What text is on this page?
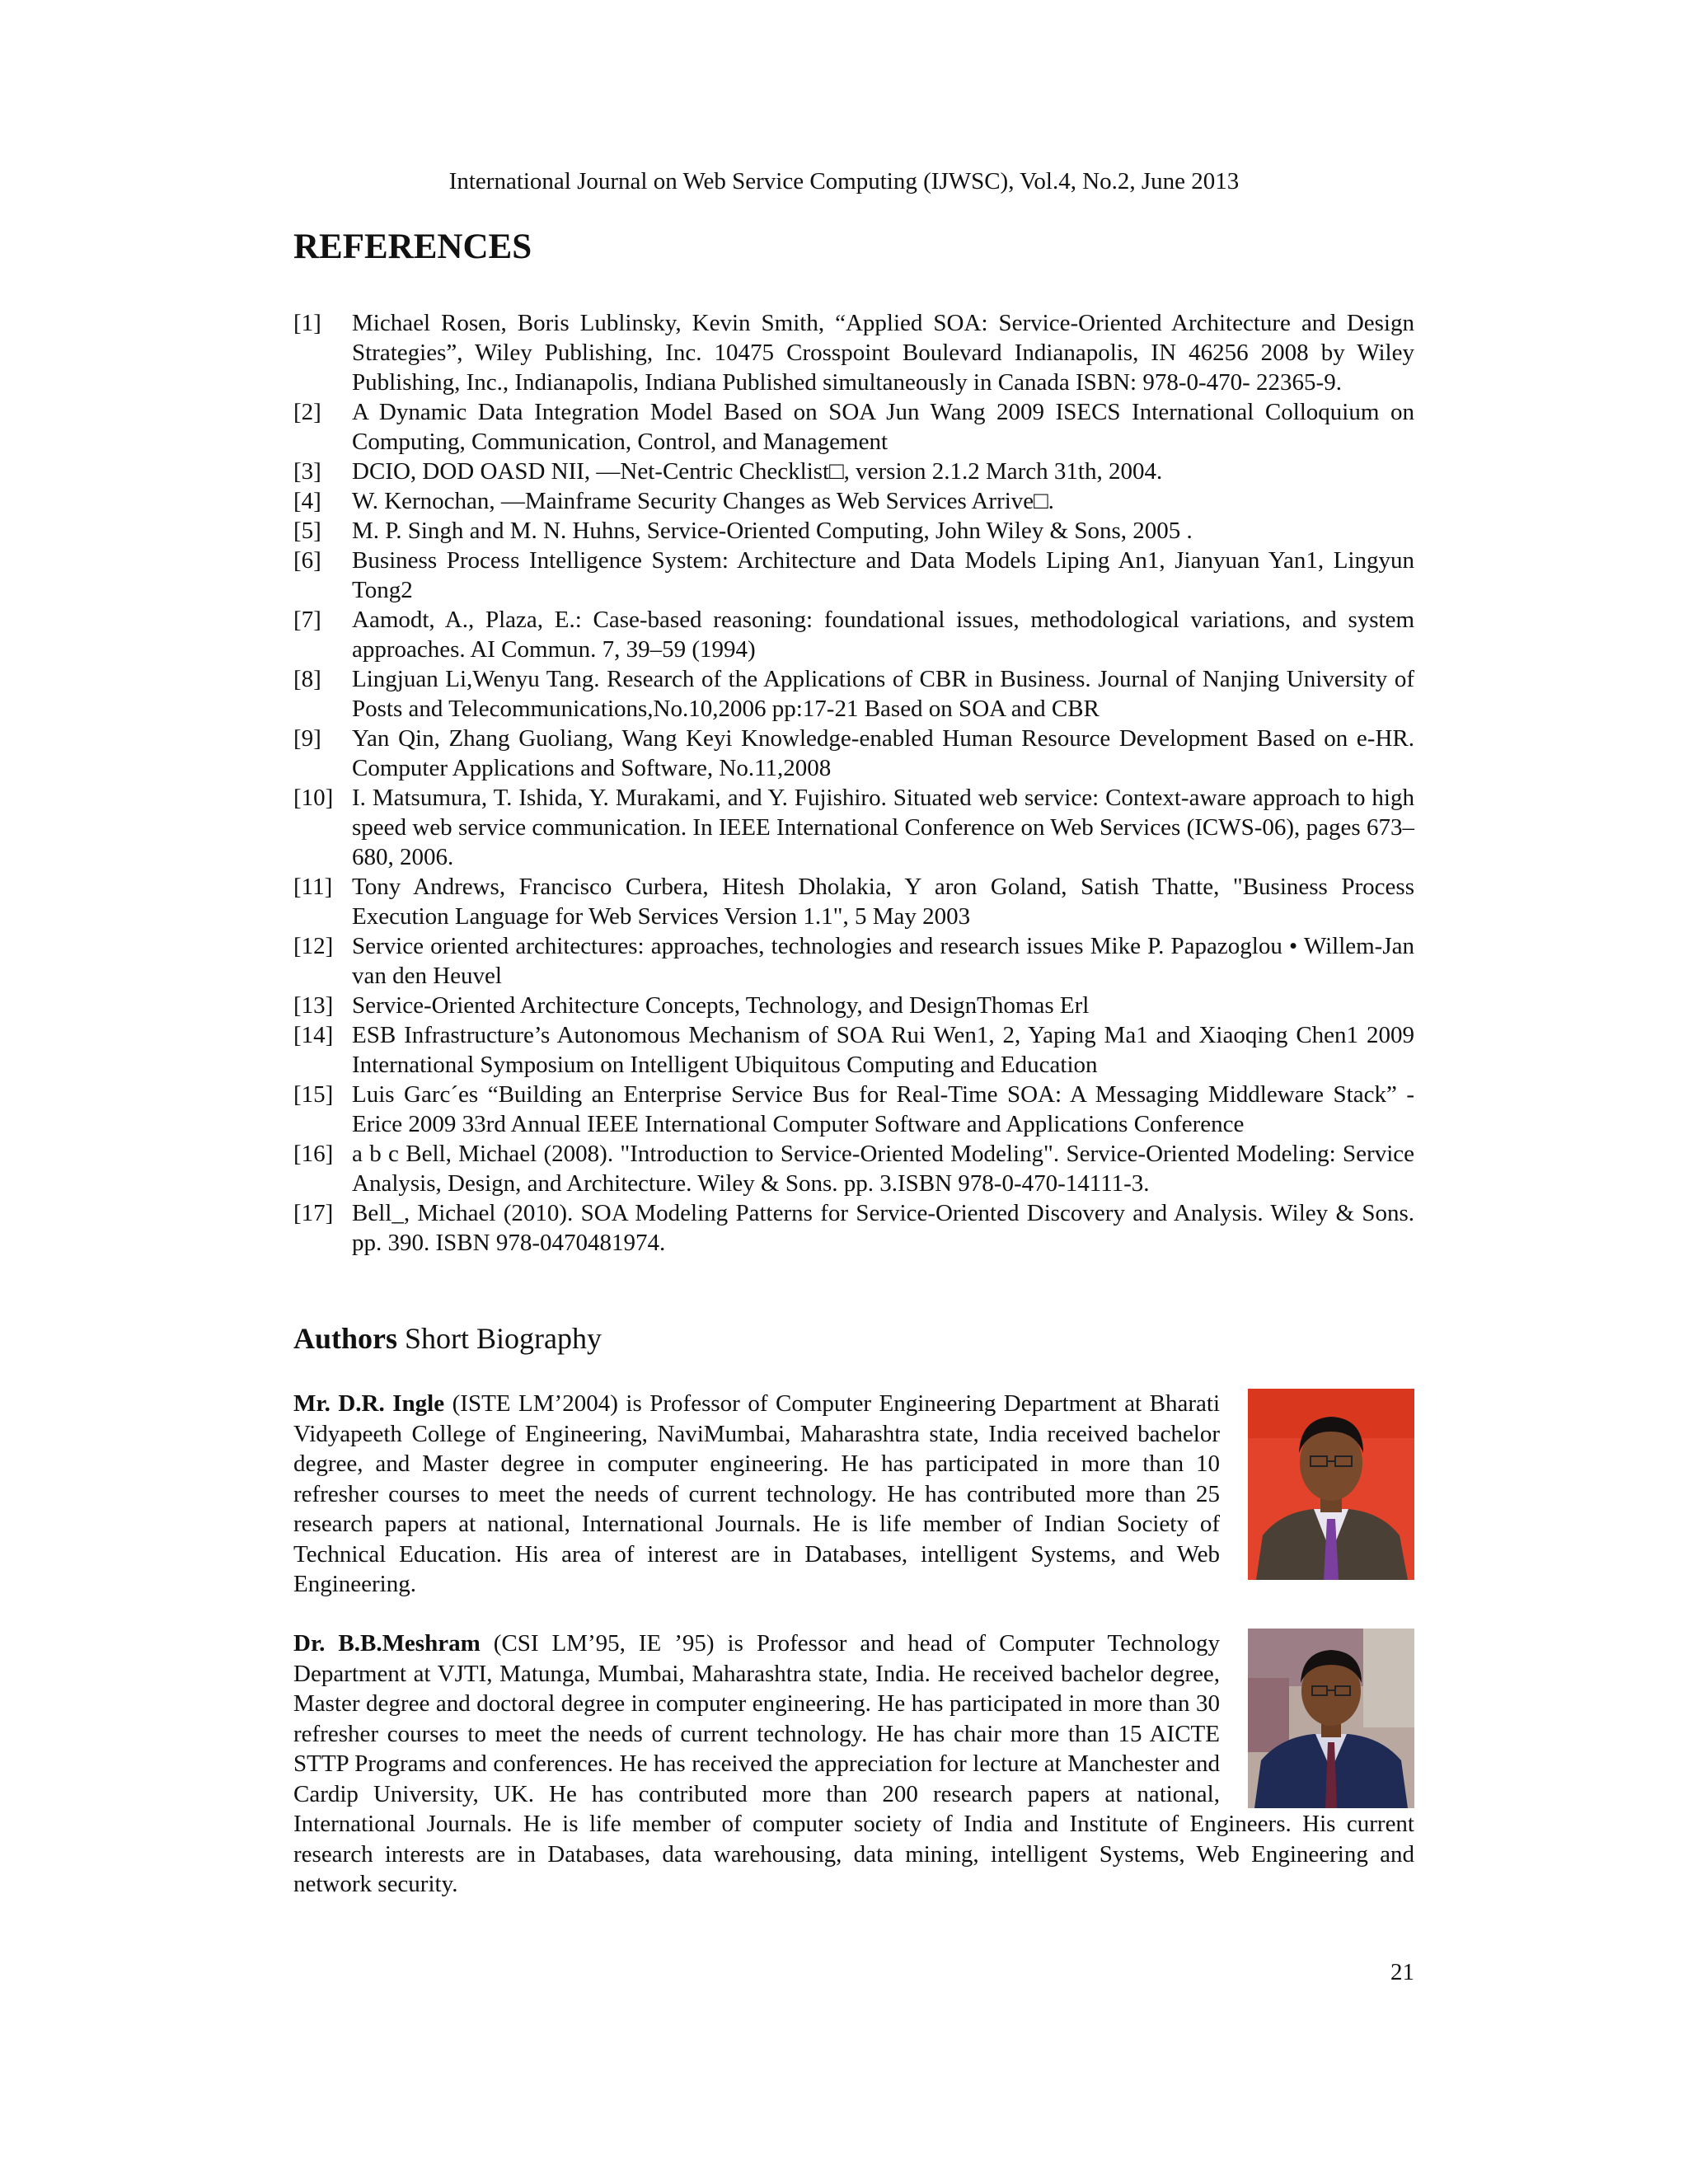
International Journal on Web Service Computing (IJWSC), Vol.4, No.2, June 2013
REFERENCES
[1] Michael Rosen, Boris Lublinsky, Kevin Smith, “Applied SOA: Service-Oriented Architecture and Design Strategies”, Wiley Publishing, Inc. 10475 Crosspoint Boulevard Indianapolis, IN 46256 2008 by Wiley Publishing, Inc., Indianapolis, Indiana Published simultaneously in Canada ISBN: 978-0-470- 22365-9.
[2] A Dynamic Data Integration Model Based on SOA Jun Wang 2009 ISECS International Colloquium on Computing, Communication, Control, and Management
[3] DCIO, DOD OASD NII, ―Net-Centric Checklist□, version 2.1.2 March 31th, 2004.
[4] W. Kernochan, ―Mainframe Security Changes as Web Services Arrive□.
[5] M. P. Singh and M. N. Huhns, Service-Oriented Computing, John Wiley & Sons, 2005 .
[6] Business Process Intelligence System: Architecture and Data Models Liping An1, Jianyuan Yan1, Lingyun Tong2
[7] Aamodt, A., Plaza, E.: Case-based reasoning: foundational issues, methodological variations, and system approaches. AI Commun. 7, 39–59 (1994)
[8] Lingjuan Li,Wenyu Tang. Research of the Applications of CBR in Business. Journal of Nanjing University of Posts and Telecommunications,No.10,2006 pp:17-21 Based on SOA and CBR
[9] Yan Qin, Zhang Guoliang, Wang Keyi Knowledge-enabled Human Resource Development Based on e-HR. Computer Applications and Software, No.11,2008
[10] I. Matsumura, T. Ishida, Y. Murakami, and Y. Fujishiro. Situated web service: Context-aware approach to high speed web service communication. In IEEE International Conference on Web Services (ICWS-06), pages 673–680, 2006.
[11] Tony Andrews, Francisco Curbera, Hitesh Dholakia, Y aron Goland, Satish Thatte, "Business Process Execution Language for Web Services Version 1.1", 5 May 2003
[12] Service oriented architectures: approaches, technologies and research issues Mike P. Papazoglou • Willem-Jan van den Heuvel
[13] Service-Oriented Architecture Concepts, Technology, and DesignThomas Erl
[14] ESB Infrastructure’s Autonomous Mechanism of SOA Rui Wen1, 2, Yaping Ma1 and Xiaoqing Chen1 2009 International Symposium on Intelligent Ubiquitous Computing and Education
[15] Luis Garc´es “Building an Enterprise Service Bus for Real-Time SOA: A Messaging Middleware Stack” -Erice 2009 33rd Annual IEEE International Computer Software and Applications Conference
[16] a b c Bell, Michael (2008). "Introduction to Service-Oriented Modeling". Service-Oriented Modeling: Service Analysis, Design, and Architecture. Wiley & Sons. pp. 3.ISBN 978-0-470-14111-3.
[17] Bell_, Michael (2010). SOA Modeling Patterns for Service-Oriented Discovery and Analysis. Wiley & Sons. pp. 390. ISBN 978-0470481974.
Authors Short Biography

Mr. D.R. Ingle (ISTE LM’2004) is Professor of Computer Engineering Department at Bharati Vidyapeeth College of Engineering, NaviMumbai, Maharashtra state, India received bachelor degree, and Master degree in computer engineering. He has participated in more than 10 refresher courses to meet the needs of current technology. He has contributed more than 25 research papers at national, International Journals. He is life member of Indian Society of Technical Education. His area of interest are in Databases, intelligent Systems, and Web Engineering.

Dr. B.B.Meshram (CSI LM’95, IE ’95) is Professor and head of Computer Technology Department at VJTI, Matunga, Mumbai, Maharashtra state, India. He received bachelor degree, Master degree and doctoral degree in computer engineering. He has participated in more than 30 refresher courses to meet the needs of current technology. He has chair more than 15 AICTE STTP Programs and conferences. He has received the appreciation for lecture at Manchester and Cardip University, UK. He has contributed more than 200 research papers at national, International Journals. He is life member of computer society of India and Institute of Engineers. His current research interests are in Databases, data warehousing, data mining, intelligent Systems, Web Engineering and network security.

21
